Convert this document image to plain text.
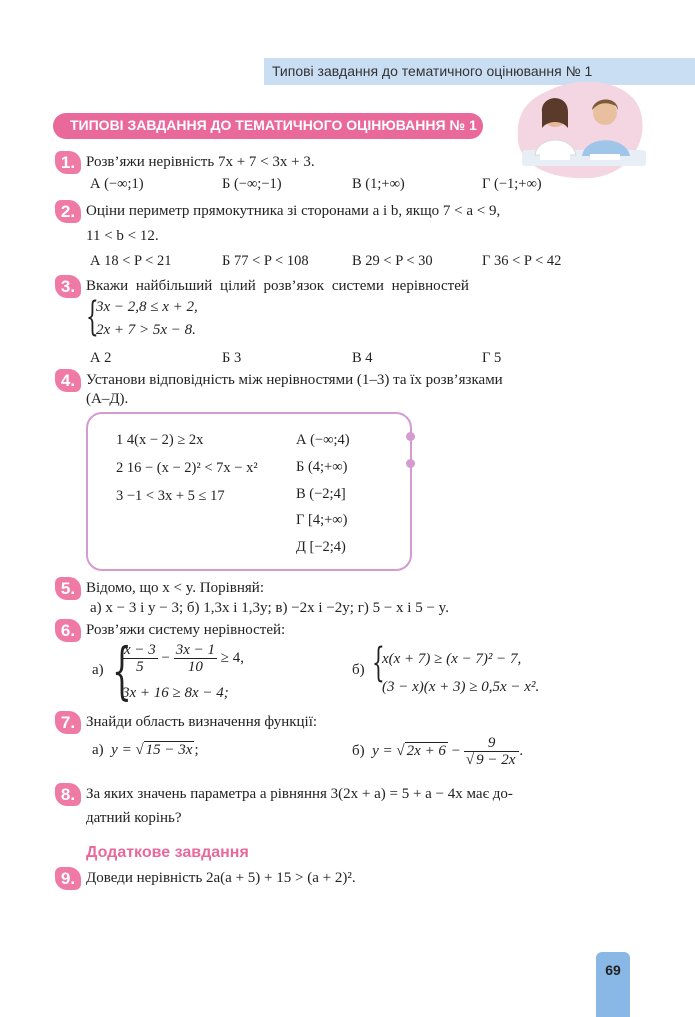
Типові завдання до тематичного оцінювання № 1
ТИПОВІ ЗАВДАННЯ ДО ТЕМАТИЧНОГО ОЦІНЮВАННЯ № 1
1. Розв’яжи нерівність 7x + 7 < 3x + 3.
А (−∞;1)	Б (−∞;−1)	В (1;+∞)	Г (−1;+∞)
2. Оціни периметр прямокутника зі сторонами a і b, якщо 7 < a < 9,
11 < b < 12.
А 18 < P < 21	Б 77 < P < 108	В 29 < P < 30	Г 36 < P < 42
3. Вкажи найбільший цілий розв’язок системи нерівностей
{
3x − 2,8 ≤ x + 2,
2x + 7 > 5x − 8.
А 2	Б 3	В 4	Г 5
4. Установи відповідність між нерівностями (1–3) та їх розв’язками
(А–Д).
1 4(x − 2) ≥ 2x
2 16 − (x − 2)² < 7x − x²
3 −1 < 3x + 5 ≤ 17
А (−∞;4)
Б (4;+∞)
В (−2;4]
Г [4;+∞)
Д [−2;4)
5. Відомо, що x < y. Порівняй:
а) x − 3 і y − 3; б) 1,3x і 1,3y; в) −2x і −2y; г) 5 − x і 5 − y.
6. Розв’яжи систему нерівностей:
а) {
$\frac{x - 3}{5} - \frac{3x - 1}{10} \ge 4$,
3x + 16 ≥ 8x − 4;
б) {
x(x + 7) ≥ (x − 7)² − 7,
(3 − x)(x + 3) ≥ 0,5x − x².
7. Знайди область визначення функції:
а) y = √ 15 − 3x ;	б) y = √ $2x + 6 - \frac{9}{√ 9 - 2x}$ .
8. За яких значень параметра a рівняння 3(2x + a) = 5 + a − 4x має до-
датний корінь?
Додаткове завдання
9. Доведи нерівність 2a(a + 5) + 15 > (a + 2)².
69
